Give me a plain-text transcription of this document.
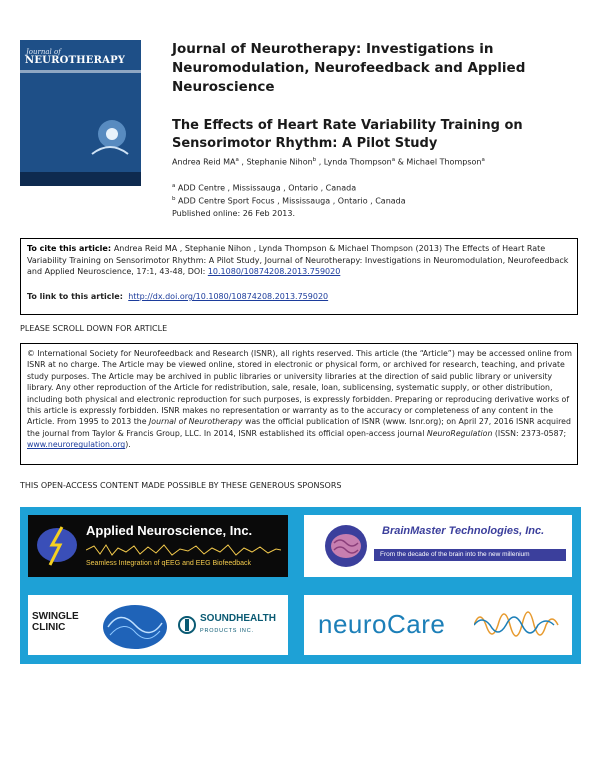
Journal of
NEUROTHERAPY
Journal of Neurotherapy: Investigations in Neuromodulation, Neurofeedback and Applied Neuroscience
The Effects of Heart Rate Variability Training on Sensorimotor Rhythm: A Pilot Study
Andrea Reid $MA^a$ , Stephanie Nihon$^b$ , Lynda Thompson$^a$ & Michael Thompson$^a$
$^a$ ADD Centre , Mississauga , Ontario , Canada
$^b$ ADD Centre Sport Focus , Mississauga , Ontario , Canada
Published online: 26 Feb 2013.
To cite this article: Andrea Reid MA , Stephanie Nihon , Lynda Thompson & Michael Thompson (2013) The Effects of Heart Rate Variability Training on Sensorimotor Rhythm: A Pilot Study, Journal of Neurotherapy: Investigations in Neuromodulation, Neurofeedback and Applied Neuroscience, 17:1, 43-48, DOI: 10.1080/10874208.2013.759020
To link to this article:  http://dx.doi.org/10.1080/10874208.2013.759020
PLEASE SCROLL DOWN FOR ARTICLE
© International Society for Neurofeedback and Research (ISNR), all rights reserved. This article (the “Article”) may be accessed online from ISNR at no charge. The Article may be viewed online, stored in electronic or physical form, or archived for research, teaching, and private study purposes. The Article may be archived in public libraries or university libraries at the direction of said public library or university library. Any other reproduction of the Article for redistribution, sale, resale, loan, sublicensing, systematic supply, or other distribution, including both physical and electronic reproduction for such purposes, is expressly forbidden. Preparing or reproducing derivative works of this article is expressly forbidden. ISNR makes no representation or warranty as to the accuracy or completeness of any content in the Article. From 1995 to 2013 the Journal of Neurotherapy was the official publication of ISNR (www. Isnr.org); on April 27, 2016 ISNR acquired the journal from Taylor & Francis Group, LLC. In 2014, ISNR established its official open-access journal NeuroRegulation (ISSN: 2373-0587; www.neuroregulation.org).
THIS OPEN-ACCESS CONTENT MADE POSSIBLE BY THESE GENEROUS SPONSORS
Applied Neuroscience, Inc.
Seamless Integration of qEEG and EEG Biofeedback
BrainMaster Technologies, Inc.
From the decade of the brain into the new millenium
SWINGLE
CLINIC
SOUNDHEALTH
PRODUCTS INC. neuroCare
